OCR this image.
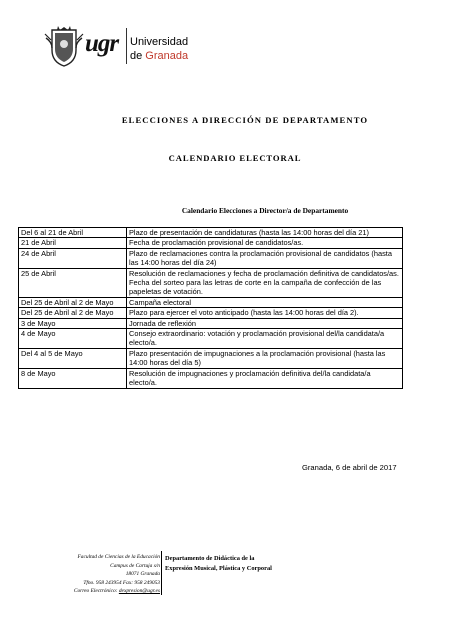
ugr Universidad
de Granada
ELECCIONES A DIRECCIÓN DE DEPARTAMENTO
CALENDARIO ELECTORAL
Calendario Elecciones a Director/a de Departamento
Del 6 al 21 de Abril	Plazo de presentación de candidaturas (hasta las 14:00 horas del día 21)
21 de Abril	Fecha de proclamación provisional de candidatos/as.
24 de Abril	Plazo de reclamaciones contra la proclamación provisional de candidatos (hasta las 14:00 horas del día 24)
25 de Abril	Resolución de reclamaciones y fecha de proclamación definitiva de candidatos/as. Fecha del sorteo para las letras de corte en la campaña de confección de las papeletas de votación.
Del 25 de Abril al 2 de Mayo	Campaña electoral
Del 25 de Abril al 2 de Mayo	Plazo para ejercer el voto anticipado (hasta las 14:00 horas del día 2).
3 de Mayo	Jornada de reflexión
4 de Mayo	Consejo extraordinario: votación y proclamación provisional del/la candidata/a electo/a.
Del 4 al 5 de Mayo	Plazo presentación de impugnaciones a la proclamación provisional (hasta las 14:00 horas del día 5)
8 de Mayo	Resolución de impugnaciones y proclamación definitiva del/la candidata/a electo/a.
Granada, 6 de abril de 2017
Facultad de Ciencias de la Educación
Campus de Cartuja s/n
18071 Granada
Tfno. 958 243954 Fax: 958 249053
Correo Electrónico: dexpresion@ugr.es
Departamento de Didáctica de la
Expresión Musical, Plástica y Corporal
